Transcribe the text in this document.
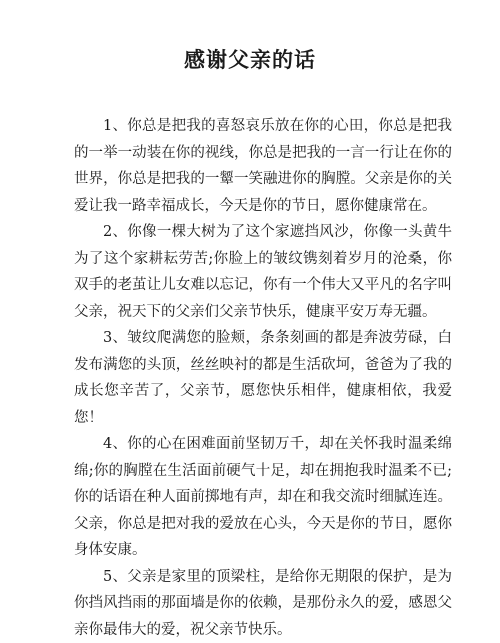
感谢父亲的话

1、你总是把我的喜怒哀乐放在你的心田，你总是把我的一举一动装在你的视线，你总是把我的一言一行让在你的世界，你总是把我的一颦一笑融进你的胸膛。父亲是你的关爱让我一路幸福成长，今天是你的节日，愿你健康常在。

2、你像一棵大树为了这个家遮挡风沙，你像一头黄牛为了这个家耕耘劳苦;你脸上的皱纹镌刻着岁月的沧桑，你双手的老茧让儿女难以忘记，你有一个伟大又平凡的名字叫父亲，祝天下的父亲们父亲节快乐，健康平安万寿无疆。

3、皱纹爬满您的脸颊，条条刻画的都是奔波劳碌，白发布满您的头顶，丝丝映衬的都是生活砍坷，爸爸为了我的成长您辛苦了，父亲节，愿您快乐相伴，健康相依，我爱您！

4、你的心在困难面前坚韧万千，却在关怀我时温柔绵绵;你的胸膛在生活面前硬气十足，却在拥抱我时温柔不已;你的话语在种人面前掷地有声，却在和我交流时细腻连连。父亲，你总是把对我的爱放在心头，今天是你的节日，愿你身体安康。

5、父亲是家里的顶梁柱，是给你无期限的保护，是为你挡风挡雨的那面墙是你的依赖，是那份永久的爱，感恩父亲你最伟大的爱，祝父亲节快乐。
